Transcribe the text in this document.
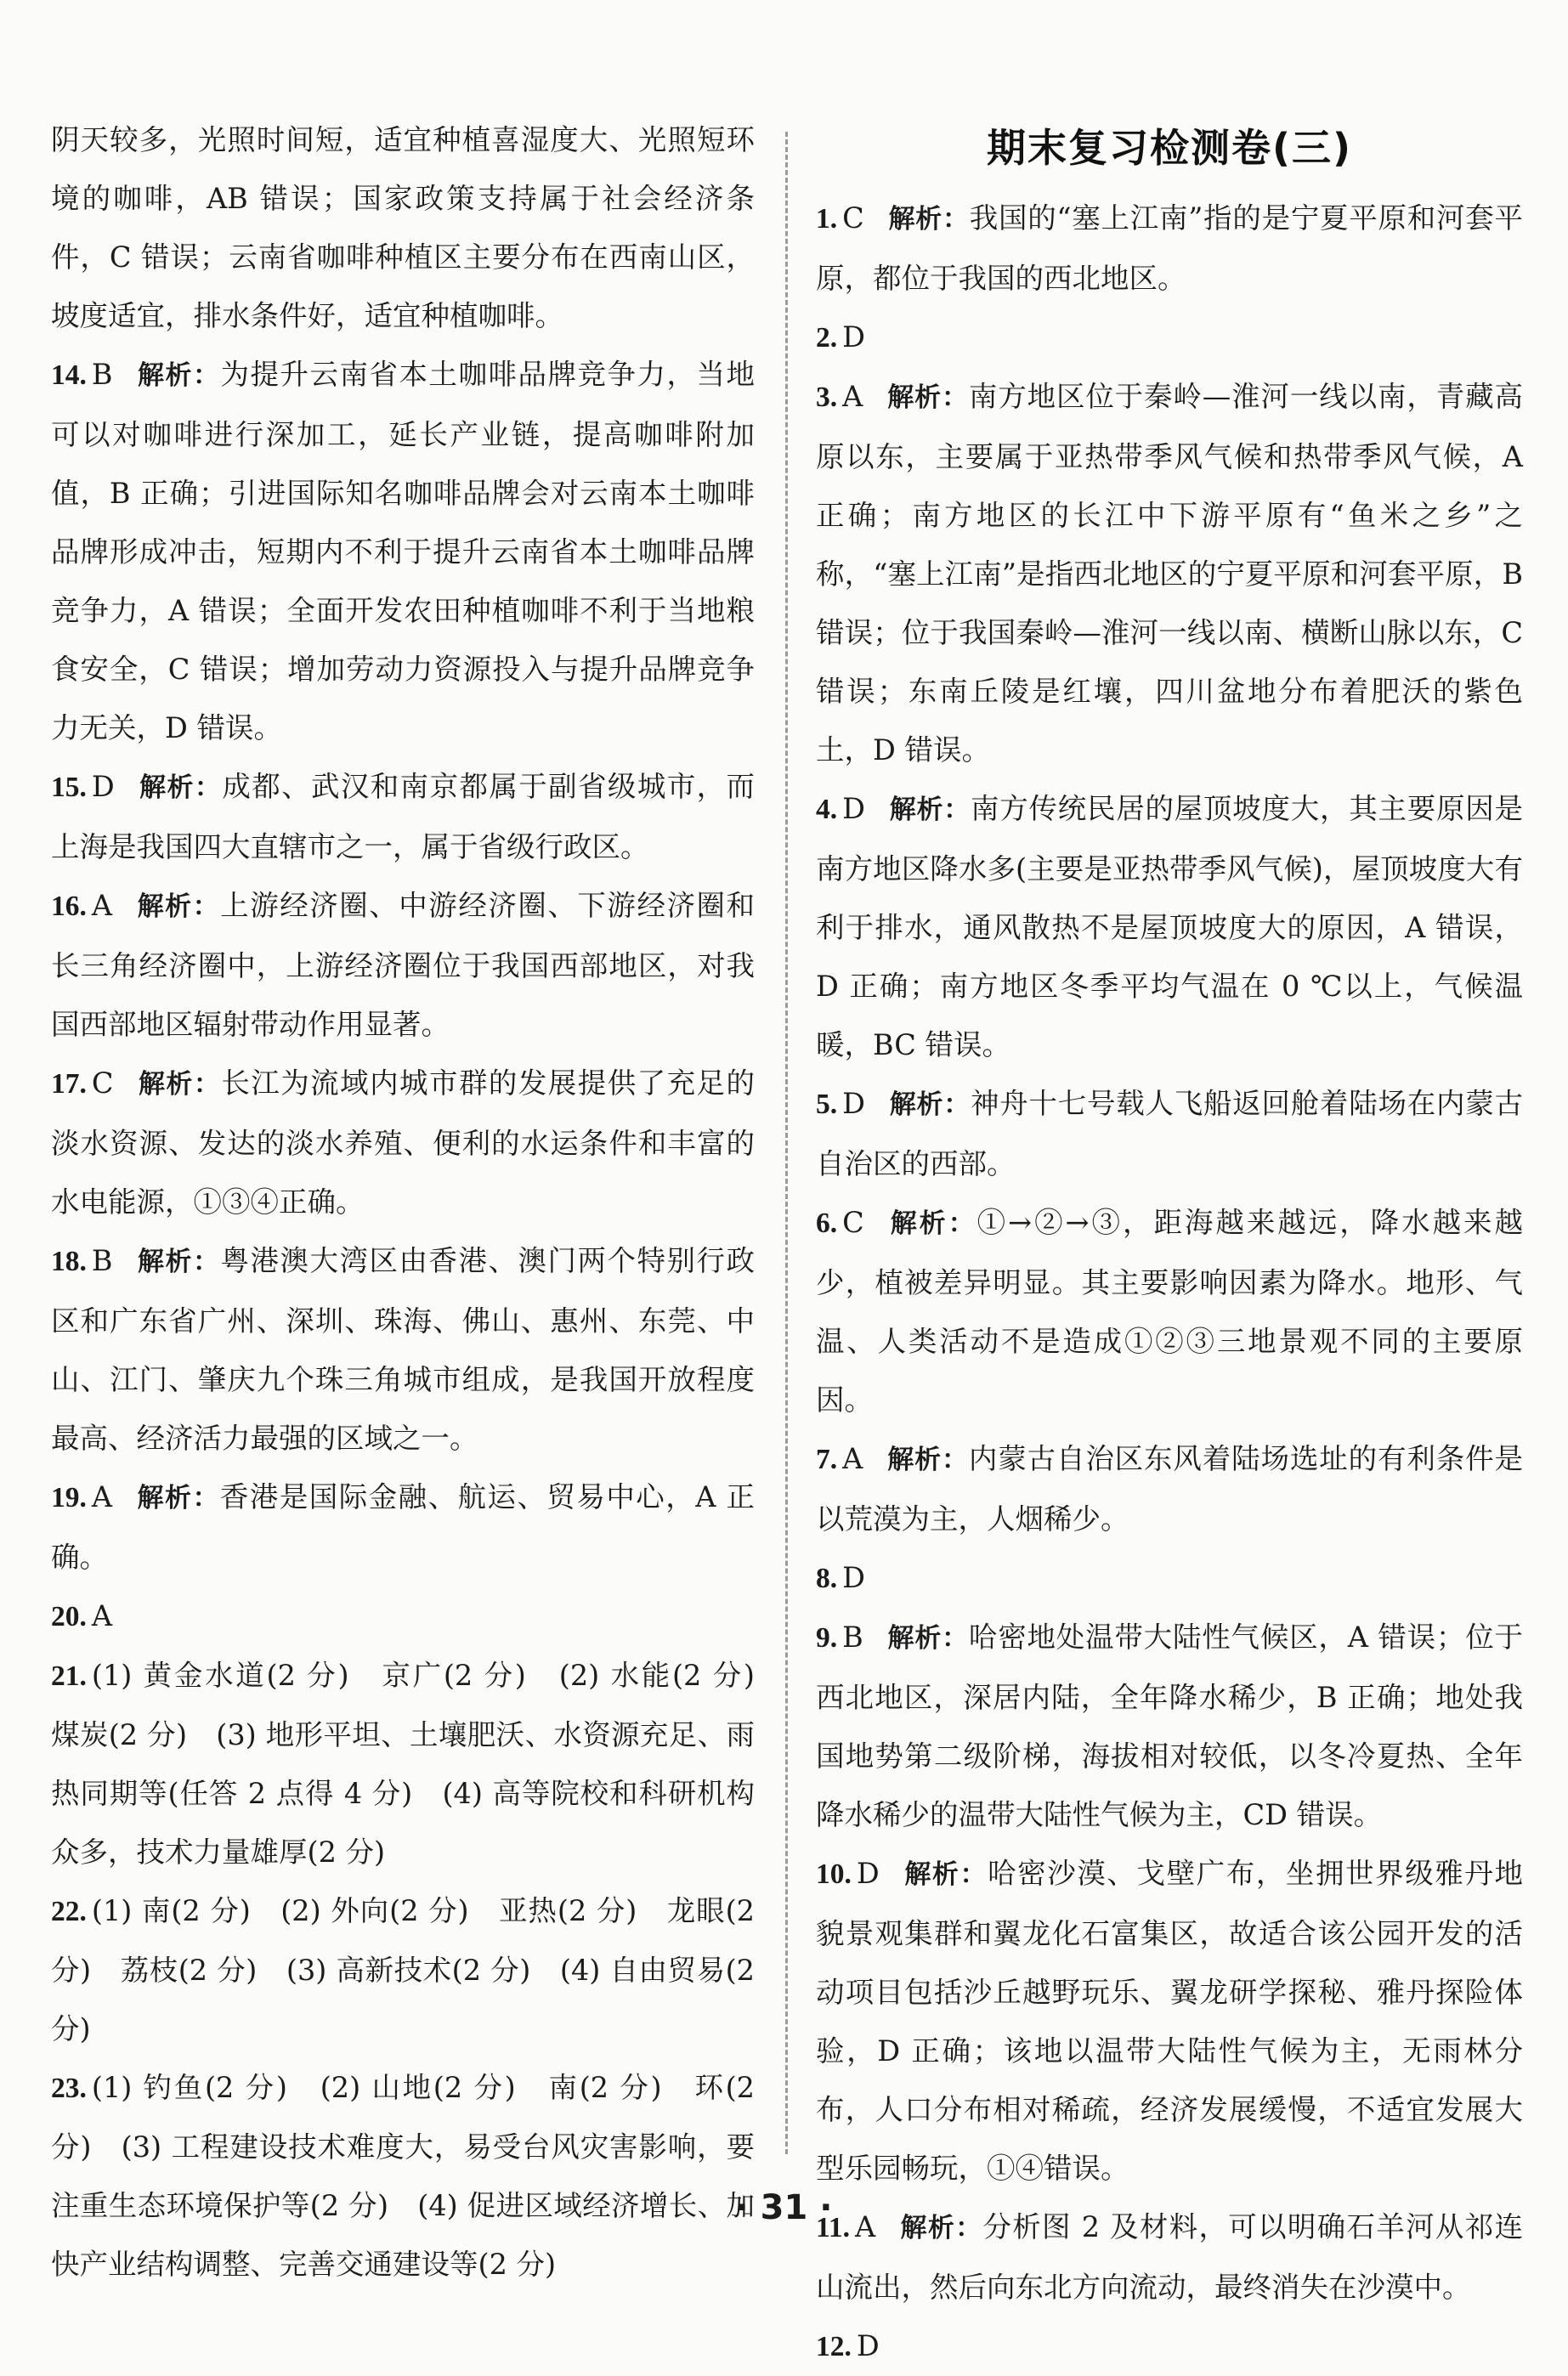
阴天较多，光照时间短，适宜种植喜湿度大、光照短环境的咖啡，AB 错误；国家政策支持属于社会经济条件，C 错误；云南省咖啡种植区主要分布在西南山区，坡度适宜，排水条件好，适宜种植咖啡。

14. B 解析：为提升云南省本土咖啡品牌竞争力，当地可以对咖啡进行深加工，延长产业链，提高咖啡附加值，B 正确；引进国际知名咖啡品牌会对云南本土咖啡品牌形成冲击，短期内不利于提升云南省本土咖啡品牌竞争力，A 错误；全面开发农田种植咖啡不利于当地粮食安全，C 错误；增加劳动力资源投入与提升品牌竞争力无关，D 错误。

15. D 解析：成都、武汉和南京都属于副省级城市，而上海是我国四大直辖市之一，属于省级行政区。

16. A 解析：上游经济圈、中游经济圈、下游经济圈和长三角经济圈中，上游经济圈位于我国西部地区，对我国西部地区辐射带动作用显著。

17. C 解析：长江为流域内城市群的发展提供了充足的淡水资源、发达的淡水养殖、便利的水运条件和丰富的水电能源，①③④正确。

18. B 解析：粤港澳大湾区由香港、澳门两个特别行政区和广东省广州、深圳、珠海、佛山、惠州、东莞、中山、江门、肇庆九个珠三角城市组成，是我国开放程度最高、经济活力最强的区域之一。

19. A 解析：香港是国际金融、航运、贸易中心，A 正确。

20. A

21. (1) 黄金水道(2 分)　京广(2 分)　(2) 水能(2 分)　煤炭(2 分)　(3) 地形平坦、土壤肥沃、水资源充足、雨热同期等(任答 2 点得 4 分)　(4) 高等院校和科研机构众多，技术力量雄厚(2 分)

22. (1) 南(2 分)　(2) 外向(2 分)　亚热(2 分)　龙眼(2 分)　荔枝(2 分)　(3) 高新技术(2 分)　(4) 自由贸易(2 分)

23. (1) 钓鱼(2 分)　(2) 山地(2 分)　南(2 分)　环(2 分)　(3) 工程建设技术难度大，易受台风灾害影响，要注重生态环境保护等(2 分)　(4) 促进区域经济增长、加快产业结构调整、完善交通建设等(2 分)

期末复习检测卷(三)

1. C 解析：我国的“塞上江南”指的是宁夏平原和河套平原，都位于我国的西北地区。

2. D

3. A 解析：南方地区位于秦岭—淮河一线以南，青藏高原以东，主要属于亚热带季风气候和热带季风气候，A 正确；南方地区的长江中下游平原有“鱼米之乡”之称，“塞上江南”是指西北地区的宁夏平原和河套平原，B 错误；位于我国秦岭—淮河一线以南、横断山脉以东，C 错误；东南丘陵是红壤，四川盆地分布着肥沃的紫色土，D 错误。

4. D 解析：南方传统民居的屋顶坡度大，其主要原因是南方地区降水多(主要是亚热带季风气候)，屋顶坡度大有利于排水，通风散热不是屋顶坡度大的原因，A 错误，D 正确；南方地区冬季平均气温在 0 ℃以上，气候温暖，BC 错误。

5. D 解析：神舟十七号载人飞船返回舱着陆场在内蒙古自治区的西部。

6. C 解析：①→②→③，距海越来越远，降水越来越少，植被差异明显。其主要影响因素为降水。地形、气温、人类活动不是造成①②③三地景观不同的主要原因。

7. A 解析：内蒙古自治区东风着陆场选址的有利条件是以荒漠为主，人烟稀少。

8. D

9. B 解析：哈密地处温带大陆性气候区，A 错误；位于西北地区，深居内陆，全年降水稀少，B 正确；地处我国地势第二级阶梯，海拔相对较低，以冬冷夏热、全年降水稀少的温带大陆性气候为主，CD 错误。

10. D 解析：哈密沙漠、戈壁广布，坐拥世界级雅丹地貌景观集群和翼龙化石富集区，故适合该公园开发的活动项目包括沙丘越野玩乐、翼龙研学探秘、雅丹探险体验，D 正确；该地以温带大陆性气候为主，无雨林分布，人口分布相对稀疏，经济发展缓慢，不适宜发展大型乐园畅玩，①④错误。

11. A 解析：分析图 2 及材料，可以明确石羊河从祁连山流出，然后向东北方向流动，最终消失在沙漠中。

12. D

· 31 ·
